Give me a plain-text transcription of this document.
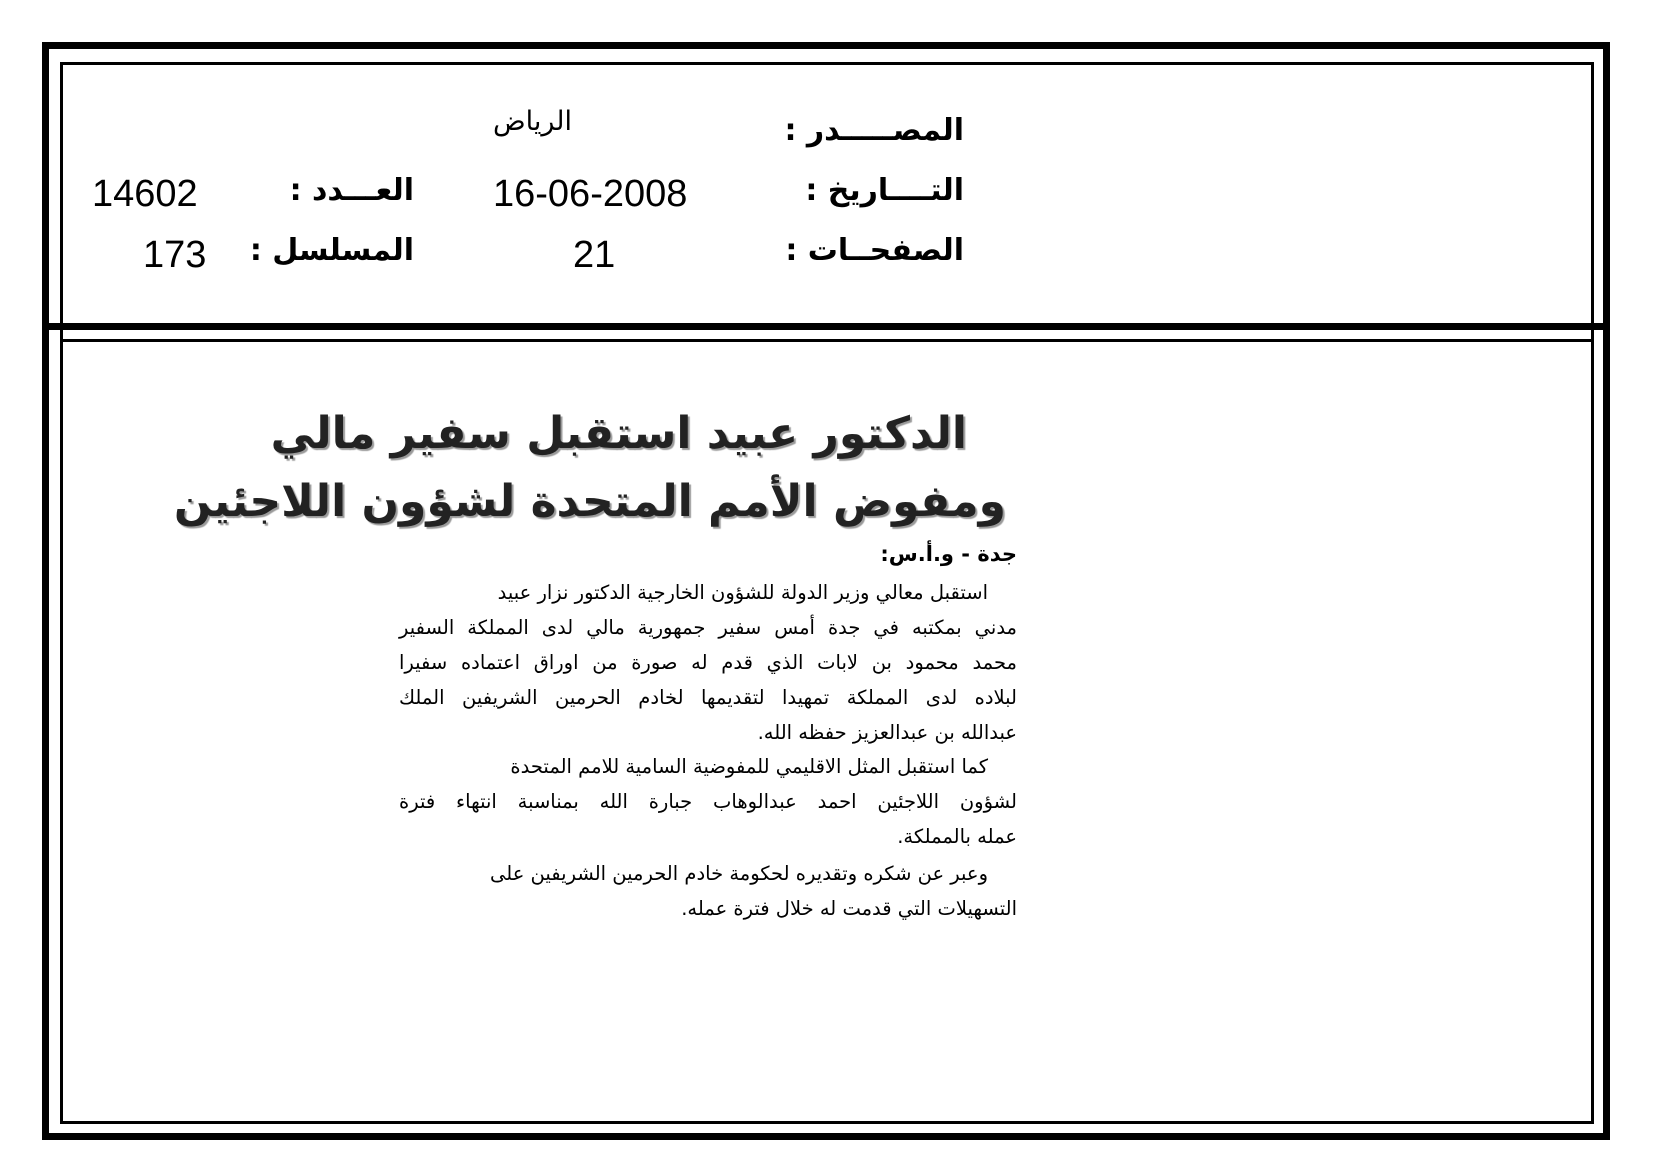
المصـــــدر :
الرياض
التــــاريخ :
16-06-2008
العـــدد :
14602
الصفحــات :
21
المسلسل :
173
الدكتور عبيد استقبل سفير مالي
ومفوض الأمم المتحدة لشؤون اللاجئين
جدة - و.أ.س:
استقبل معالي وزير الدولة للشؤون الخارجية الدكتور نزار عبيد
مدني بمكتبه في جدة أمس سفير جمهورية مالي لدى المملكة السفير
محمد محمود بن لابات الذي قدم له صورة من اوراق اعتماده سفيرا
لبلاده لدى المملكة تمهيدا لتقديمها لخادم الحرمين الشريفين الملك
عبدالله بن عبدالعزيز حفظه الله.
كما استقبل المثل الاقليمي للمفوضية السامية للامم المتحدة
لشؤون اللاجئين احمد عبدالوهاب جبارة الله بمناسبة انتهاء فترة
عمله بالمملكة.
وعبر عن شكره وتقديره لحكومة خادم الحرمين الشريفين على
التسهيلات التي قدمت له خلال فترة عمله.
